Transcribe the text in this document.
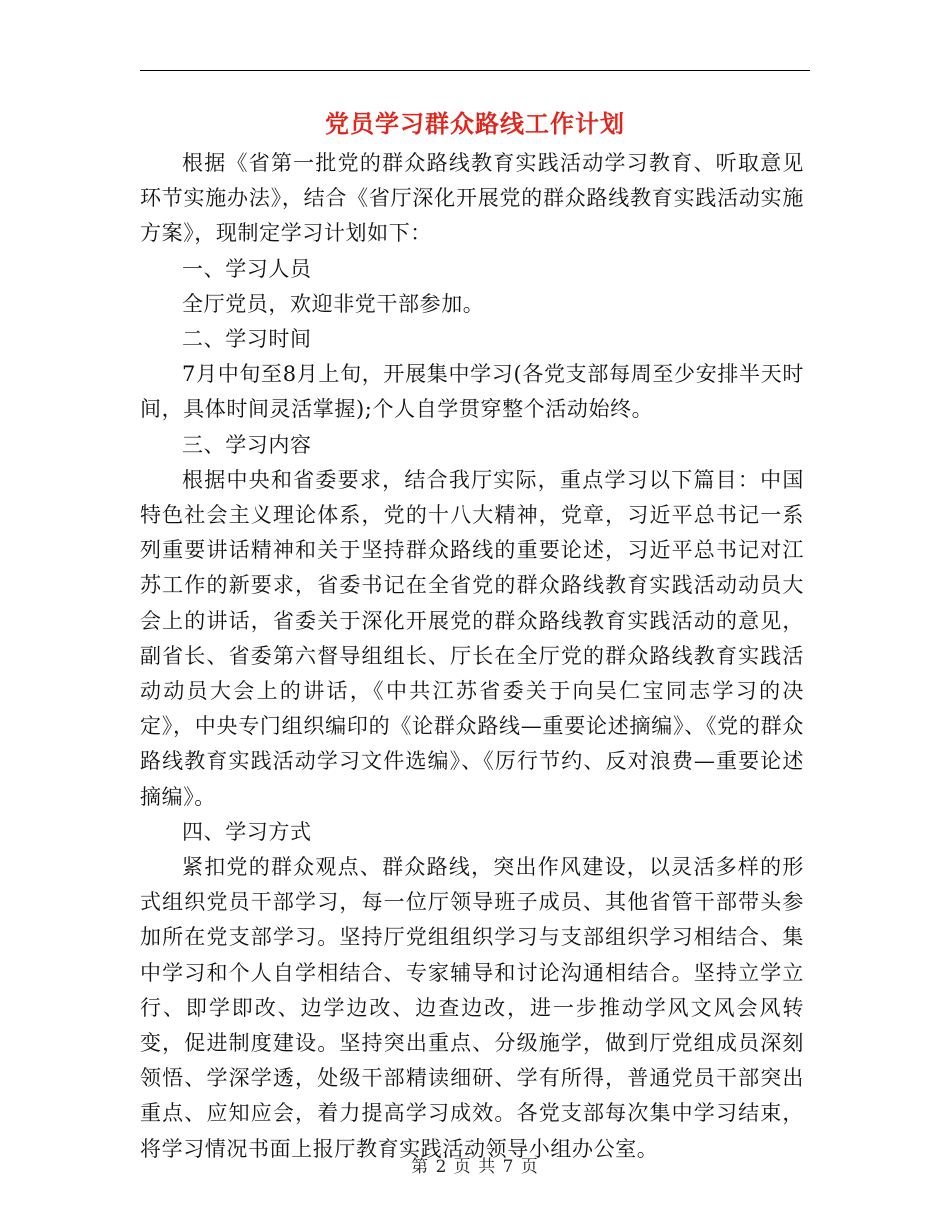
党员学习群众路线工作计划

根据《省第一批党的群众路线教育实践活动学习教育、听取意见环节实施办法》，结合《省厅深化开展党的群众路线教育实践活动实施方案》，现制定学习计划如下：

一、学习人员

全厅党员，欢迎非党干部参加。

二、学习时间

7月中旬至8月上旬，开展集中学习(各党支部每周至少安排半天时间，具体时间灵活掌握);个人自学贯穿整个活动始终。

三、学习内容

根据中央和省委要求，结合我厅实际，重点学习以下篇目：中国特色社会主义理论体系，党的十八大精神，党章，习近平总书记一系列重要讲话精神和关于坚持群众路线的重要论述，习近平总书记对江苏工作的新要求，省委书记在全省党的群众路线教育实践活动动员大会上的讲话，省委关于深化开展党的群众路线教育实践活动的意见，副省长、省委第六督导组组长、厅长在全厅党的群众路线教育实践活动动员大会上的讲话，《中共江苏省委关于向吴仁宝同志学习的决定》，中央专门组织编印的《论群众路线—重要论述摘编》、《党的群众路线教育实践活动学习文件选编》、《厉行节约、反对浪费—重要论述摘编》。

四、学习方式

紧扣党的群众观点、群众路线，突出作风建设，以灵活多样的形式组织党员干部学习，每一位厅领导班子成员、其他省管干部带头参加所在党支部学习。坚持厅党组组织学习与支部组织学习相结合、集中学习和个人自学相结合、专家辅导和讨论沟通相结合。坚持立学立行、即学即改、边学边改、边查边改，进一步推动学风文风会风转变，促进制度建设。坚持突出重点、分级施学，做到厅党组成员深刻领悟、学深学透，处级干部精读细研、学有所得，普通党员干部突出重点、应知应会，着力提高学习成效。各党支部每次集中学习结束，将学习情况书面上报厅教育实践活动领导小组办公室。

第 2 页 共 7 页
